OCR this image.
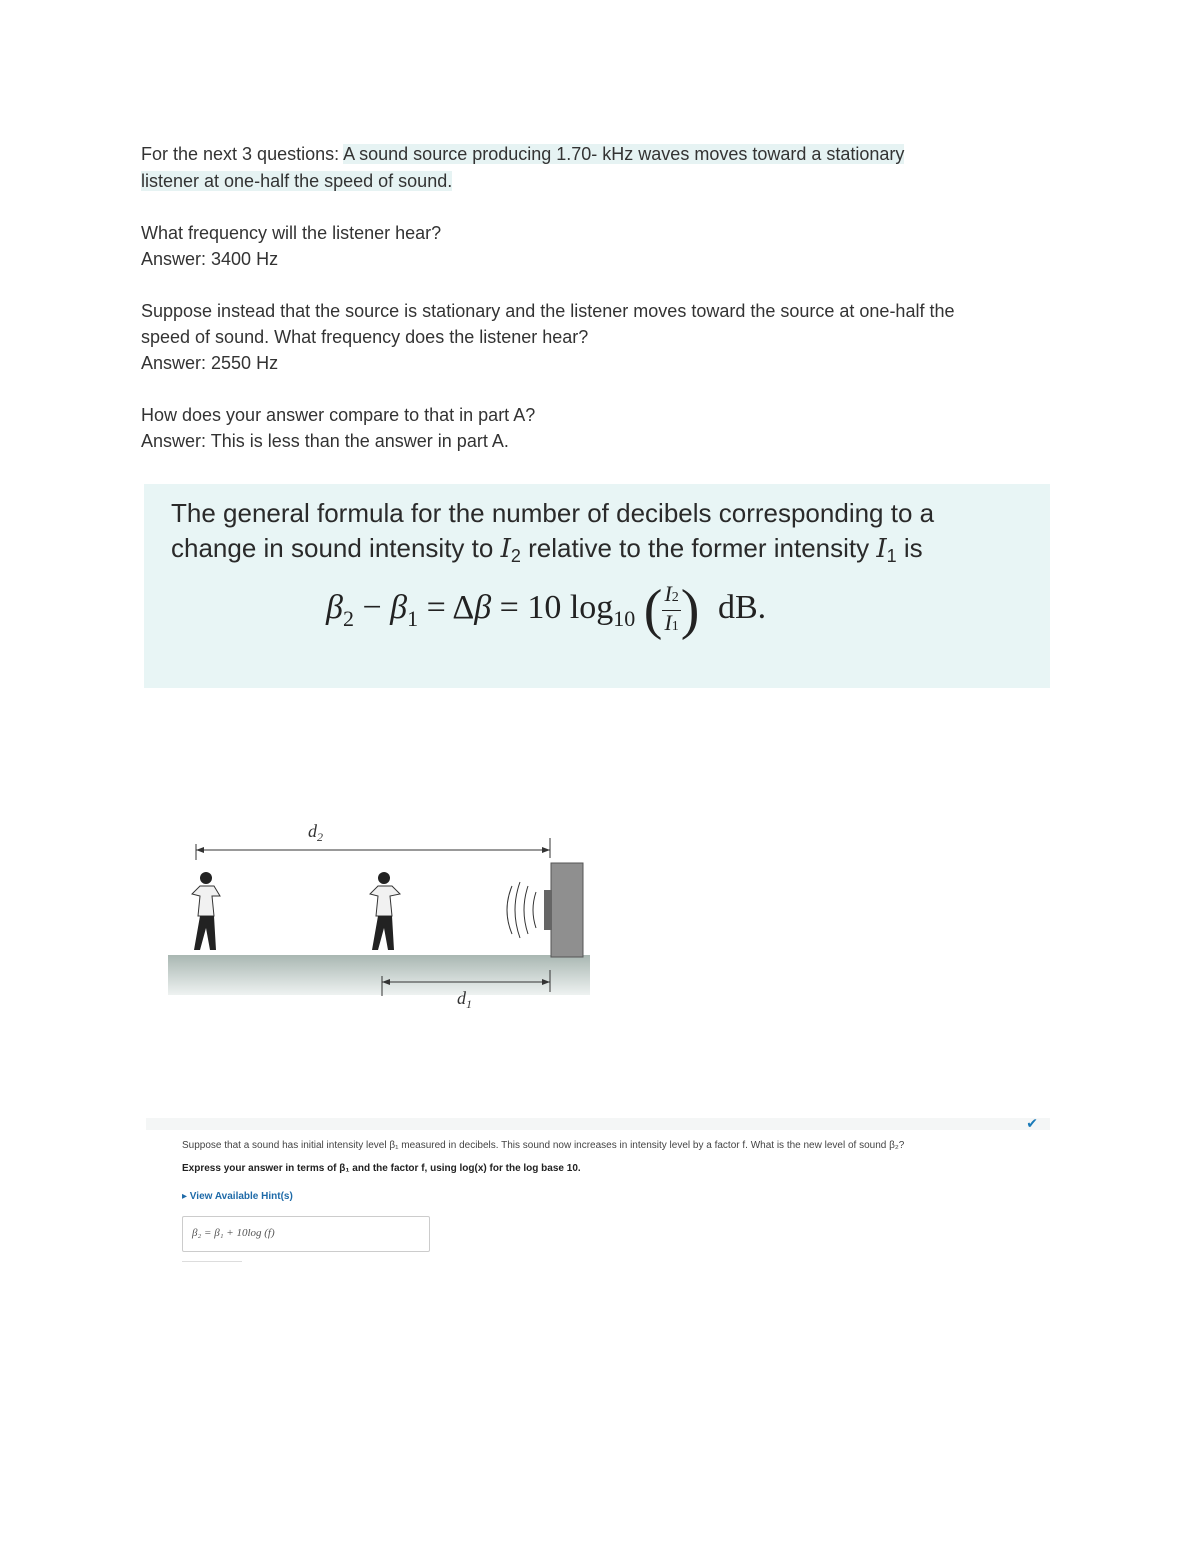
For the next 3 questions: A sound source producing 1.70- kHz waves moves toward a stationary
listener at one-half the speed of sound.
What frequency will the listener hear?
Answer: 3400 Hz
Suppose instead that the source is stationary and the listener moves toward the source at one-half the
speed of sound. What frequency does the listener hear?
Answer: 2550 Hz
How does your answer compare to that in part A?
Answer: This is less than the answer in part A.
The general formula for the number of decibels corresponding to a
change in sound intensity to $I_2$ relative to the former intensity $I_1$ is
$\beta_2 - \beta_1 = \Delta\beta = 10$ $\log_{10}$ ( $\frac{I2}{I1}$ ) dB.
$d_2$
$d_1$
✔
Suppose that a sound has initial intensity level β₁ measured in decibels. This sound now increases in intensity level by a factor f. What is the new level of sound β₂?
Express your answer in terms of β₁ and the factor f, using log(x) for the log base 10.
▸ View Available Hint(s)
β₂ = β₁ + 10log (f)
